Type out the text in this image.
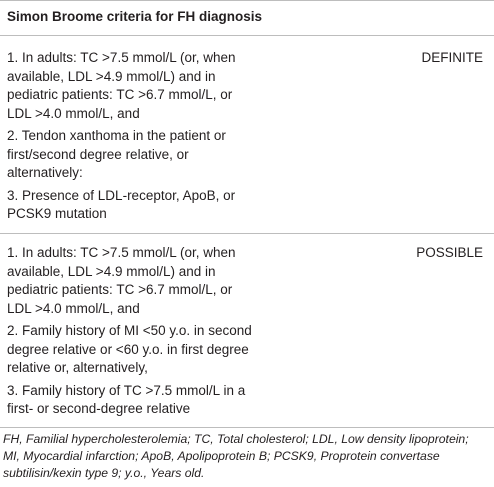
Simon Broome criteria for FH diagnosis
1. In adults: TC >7.5 mmol/L (or, when
available, LDL >4.9 mmol/L) and in
pediatric patients: TC >6.7 mmol/L, or
LDL >4.0 mmol/L, and
2. Tendon xanthoma in the patient or
first/second degree relative, or
alternatively:
3. Presence of LDL-receptor, ApoB, or
PCSK9 mutation
DEFINITE
1. In adults: TC >7.5 mmol/L (or, when
available, LDL >4.9 mmol/L) and in
pediatric patients: TC >6.7 mmol/L, or
LDL >4.0 mmol/L, and
2. Family history of MI <50 y.o. in second
degree relative or <60 y.o. in first degree
relative or, alternatively,
3. Family history of TC >7.5 mmol/L in a
first- or second-degree relative
POSSIBLE
FH, Familial hypercholesterolemia; TC, Total cholesterol; LDL, Low density lipoprotein;
MI, Myocardial infarction; ApoB, Apolipoprotein B; PCSK9, Proprotein convertase
subtilisin/kexin type 9; y.o., Years old.
